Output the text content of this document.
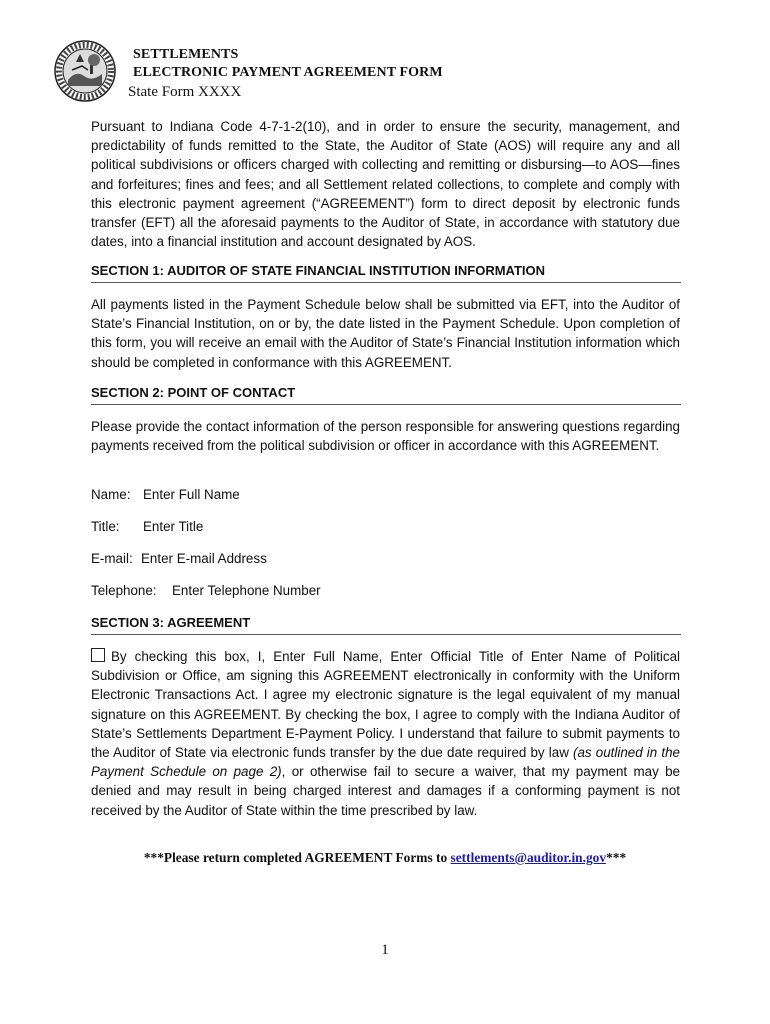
SETTLEMENTS
ELECTRONIC PAYMENT AGREEMENT FORM
State Form XXXX

Pursuant to Indiana Code 4-7-1-2(10), and in order to ensure the security, management, and predictability of funds remitted to the State, the Auditor of State (AOS) will require any and all political subdivisions or officers charged with collecting and remitting or disbursing—to AOS—fines and forfeitures; fines and fees; and all Settlement related collections, to complete and comply with this electronic payment agreement (“AGREEMENT”) form to direct deposit by electronic funds transfer (EFT) all the aforesaid payments to the Auditor of State, in accordance with statutory due dates, into a financial institution and account designated by AOS.

SECTION 1: AUDITOR OF STATE FINANCIAL INSTITUTION INFORMATION

All payments listed in the Payment Schedule below shall be submitted via EFT, into the Auditor of State’s Financial Institution, on or by, the date listed in the Payment Schedule. Upon completion of this form, you will receive an email with the Auditor of State’s Financial Institution information which should be completed in conformance with this AGREEMENT.

SECTION 2: POINT OF CONTACT

Please provide the contact information of the person responsible for answering questions regarding payments received from the political subdivision or officer in accordance with this AGREEMENT.

Name: Enter Full Name
Title: Enter Title
E-mail: Enter E-mail Address
Telephone: Enter Telephone Number
SECTION 3: AGREEMENT

By checking this box, I, Enter Full Name, Enter Official Title of Enter Name of Political Subdivision or Office, am signing this AGREEMENT electronically in conformity with the Uniform Electronic Transactions Act. I agree my electronic signature is the legal equivalent of my manual signature on this AGREEMENT. By checking the box, I agree to comply with the Indiana Auditor of State’s Settlements Department E-Payment Policy. I understand that failure to submit payments to the Auditor of State via electronic funds transfer by the due date required by law (as outlined in the Payment Schedule on page 2), or otherwise fail to secure a waiver, that my payment may be denied and may result in being charged interest and damages if a conforming payment is not received by the Auditor of State within the time prescribed by law.

***Please return completed AGREEMENT Forms to settlements@auditor.in.gov***
1
